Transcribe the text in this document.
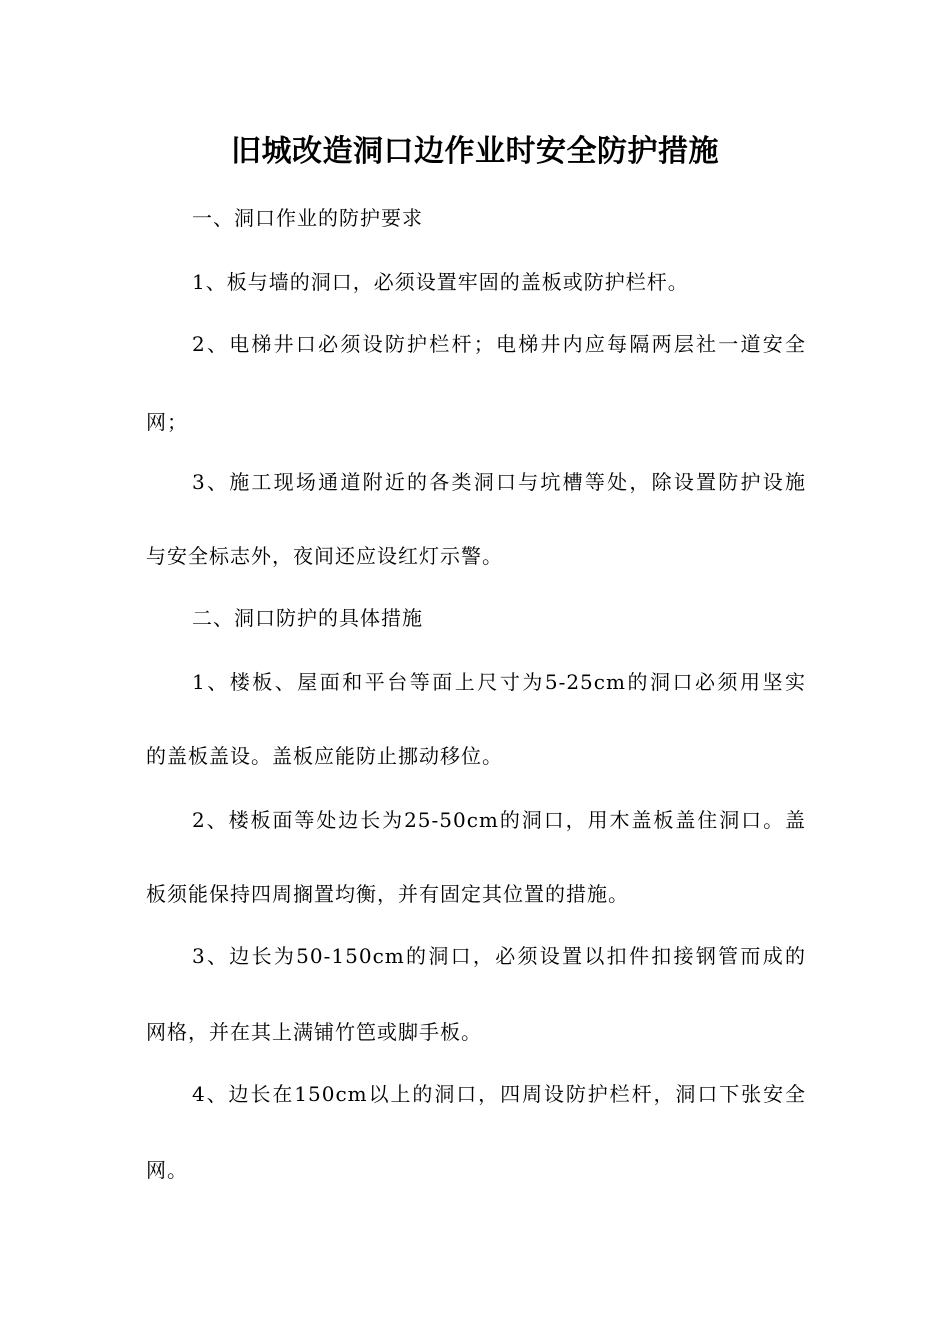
旧城改造洞口边作业时安全防护措施
一、洞口作业的防护要求
1、板与墙的洞口，必须设置牢固的盖板或防护栏杆。
2、电梯井口必须设防护栏杆；电梯井内应每隔两层社一道安全
网；
3、施工现场通道附近的各类洞口与坑槽等处，除设置防护设施
与安全标志外，夜间还应设红灯示警。
二、洞口防护的具体措施
1、楼板、屋面和平台等面上尺寸为5-25cm的洞口必须用坚实
的盖板盖设。盖板应能防止挪动移位。
2、楼板面等处边长为25-50cm的洞口，用木盖板盖住洞口。盖
板须能保持四周搁置均衡，并有固定其位置的措施。
3、边长为50-150cm的洞口，必须设置以扣件扣接钢管而成的
网格，并在其上满铺竹笆或脚手板。
4、边长在150cm以上的洞口，四周设防护栏杆，洞口下张安全
网。
